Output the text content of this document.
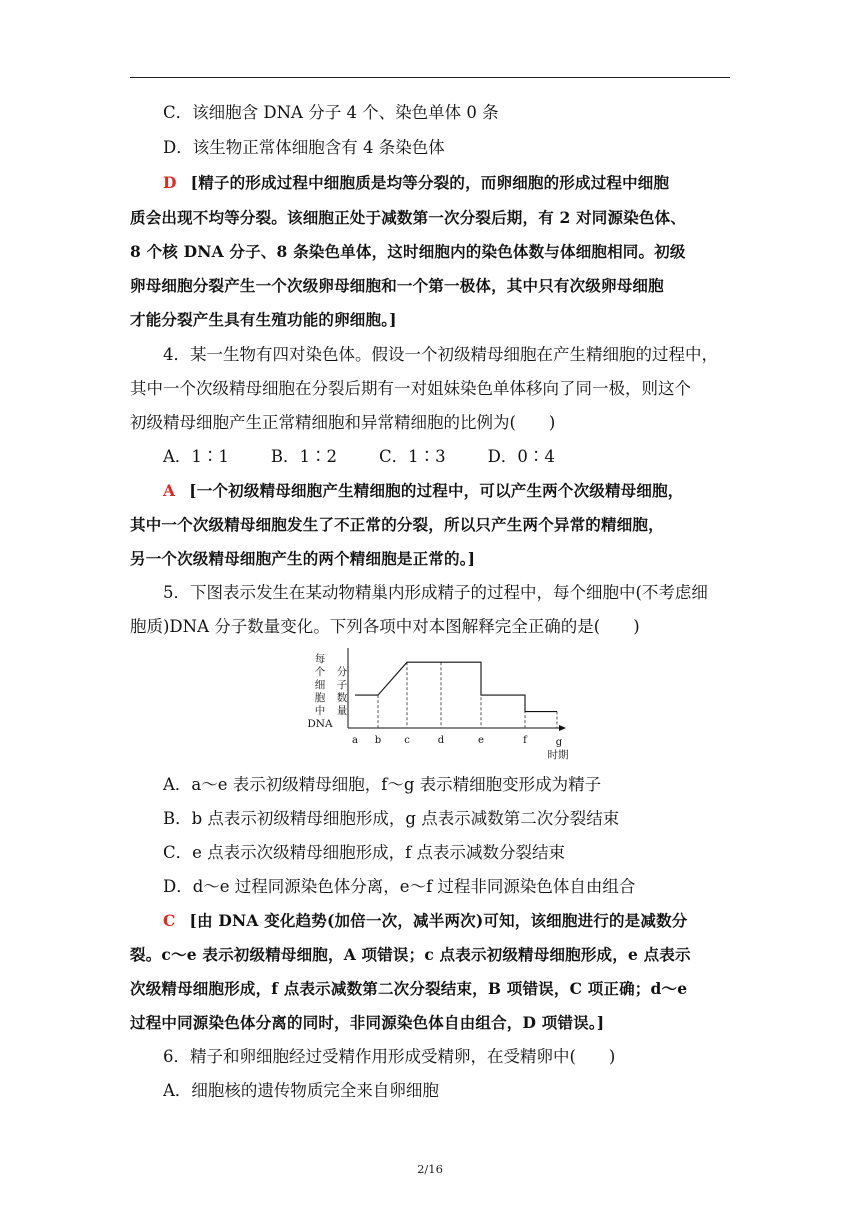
C．该细胞含 DNA 分子 4 个、染色单体 0 条
D．该生物正常体细胞含有 4 条染色体
D [精子的形成过程中细胞质是均等分裂的，而卵细胞的形成过程中细胞
质会出现不均等分裂。该细胞正处于减数第一次分裂后期，有 2 对同源染色体、
8 个核 DNA 分子、8 条染色单体，这时细胞内的染色体数与体细胞相同。初级
卵母细胞分裂产生一个次级卵母细胞和一个第一极体，其中只有次级卵母细胞
才能分裂产生具有生殖功能的卵细胞。]
4．某一生物有四对染色体。假设一个初级精母细胞在产生精细胞的过程中，
其中一个次级精母细胞在分裂后期有一对姐妹染色单体移向了同一极，则这个
初级精母细胞产生正常精细胞和异常精细胞的比例为(　　)
A．1∶1	B．1∶2	C．1∶3	D．0∶4
A [一个初级精母细胞产生精细胞的过程中，可以产生两个次级精母细胞，
其中一个次级精母细胞发生了不正常的分裂，所以只产生两个异常的精细胞，
另一个次级精母细胞产生的两个精细胞是正常的。]
5．下图表示发生在某动物精巢内形成精子的过程中，每个细胞中(不考虑细
胞质)DNA 分子数量变化。下列各项中对本图解释完全正确的是(　　)
每
个
细
胞
中
DNA
分
子
数
量
a b c	d	e	f	g
时期
A．a～e 表示初级精母细胞，f～g 表示精细胞变形成为精子
B．b 点表示初级精母细胞形成，g 点表示减数第二次分裂结束
C．e 点表示次级精母细胞形成，f 点表示减数分裂结束
D．d～e 过程同源染色体分离，e～f 过程非同源染色体自由组合
C [由 DNA 变化趋势(加倍一次，减半两次)可知，该细胞进行的是减数分
裂。c～e 表示初级精母细胞，A 项错误；c 点表示初级精母细胞形成，e 点表示
次级精母细胞形成，f 点表示减数第二次分裂结束，B 项错误，C 项正确；d～e
过程中同源染色体分离的同时，非同源染色体自由组合，D 项错误。]
6．精子和卵细胞经过受精作用形成受精卵，在受精卵中(　　)
A．细胞核的遗传物质完全来自卵细胞
2/16
